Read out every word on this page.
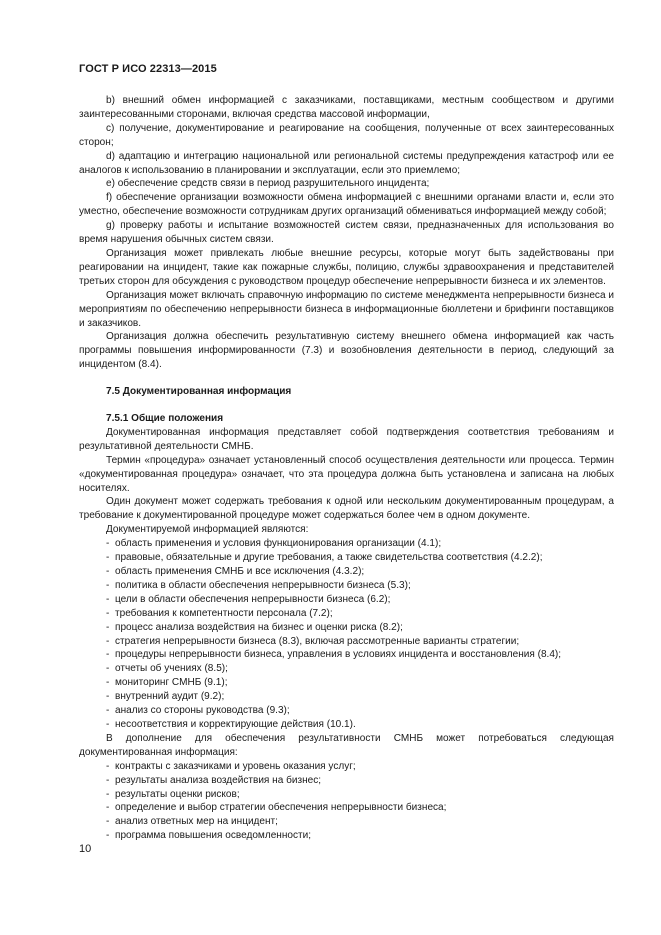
ГОСТ Р ИСО 22313—2015

b) внешний обмен информацией с заказчиками, поставщиками, местным сообществом и другими заинтересованными сторонами, включая средства массовой информации,

c) получение, документирование и реагирование на сообщения, полученные от всех заинтересованных сторон;

d) адаптацию и интеграцию национальной или региональной системы предупреждения катастроф или ее аналогов к использованию в планировании и эксплуатации, если это приемлемо;

e) обеспечение средств связи в период разрушительного инцидента;

f) обеспечение организации возможности обмена информацией с внешними органами власти и, если это уместно, обеспечение возможности сотрудникам других организаций обмениваться информацией между собой;

g) проверку работы и испытание возможностей систем связи, предназначенных для использования во время нарушения обычных систем связи.

Организация может привлекать любые внешние ресурсы, которые могут быть задействованы при реагировании на инцидент, такие как пожарные службы, полицию, службы здравоохранения и представителей третьих сторон для обсуждения с руководством процедур обеспечение непрерывности бизнеса и их элементов.

Организация может включать справочную информацию по системе менеджмента непрерывности бизнеса и мероприятиям по обеспечению непрерывности бизнеса в информационные бюллетени и брифинги поставщиков и заказчиков.

Организация должна обеспечить результативную систему внешнего обмена информацией как часть программы повышения информированности (7.3) и возобновления деятельности в период, следующий за инцидентом (8.4).

7.5 Документированная информация

7.5.1 Общие положения

Документированная информация представляет собой подтверждения соответствия требованиям и результативной деятельности СМНБ.

Термин «процедура» означает установленный способ осуществления деятельности или процесса. Термин «документированная процедура» означает, что эта процедура должна быть установлена и записана на любых носителях.

Один документ может содержать требования к одной или нескольким документированным процедурам, а требование к документированной процедуре может содержаться более чем в одном документе.

Документируемой информацией являются:

- область применения и условия функционирования организации (4.1);

- правовые, обязательные и другие требования, а также свидетельства соответствия (4.2.2);

- область применения СМНБ и все исключения (4.3.2);

- политика в области обеспечения непрерывности бизнеса (5.3);

- цели в области обеспечения непрерывности бизнеса (6.2);

- требования к компетентности персонала (7.2);

- процесс анализа воздействия на бизнес и оценки риска (8.2);

- стратегия непрерывности бизнеса (8.3), включая рассмотренные варианты стратегии;

- процедуры непрерывности бизнеса, управления в условиях инцидента и восстановления (8.4);

- отчеты об учениях (8.5);

- мониторинг СМНБ (9.1);

- внутренний аудит (9.2);

- анализ со стороны руководства (9.3);

- несоответствия и корректирующие действия (10.1).

В дополнение для обеспечения результативности СМНБ может потребоваться следующая документированная информация:

- контракты с заказчиками и уровень оказания услуг;

- результаты анализа воздействия на бизнес;

- результаты оценки рисков;

- определение и выбор стратегии обеспечения непрерывности бизнеса;

- анализ ответных мер на инцидент;

- программа повышения осведомленности;

10
